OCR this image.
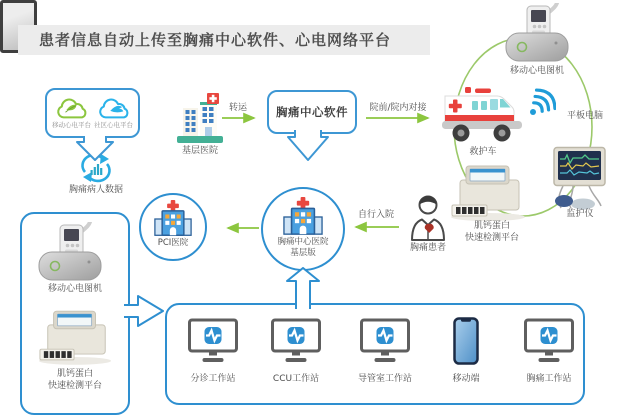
患者信息自动上传至胸痛中心软件、心电网络平台
移动心电平台 社区心电平台
胸痛病人数据
基层医院
转运	胸痛中心软件	院前/院内对接
救护车
移动心电图机
平板电脑
监护仪
肌钙蛋白
快速检测平台
胸痛患者
自行入院
PCI医院	胸痛中心医院
基层版
移动心电图机
肌钙蛋白
快速检测平台
分诊工作站	CCU工作站	导管室工作站	移动端	胸痛工作站
